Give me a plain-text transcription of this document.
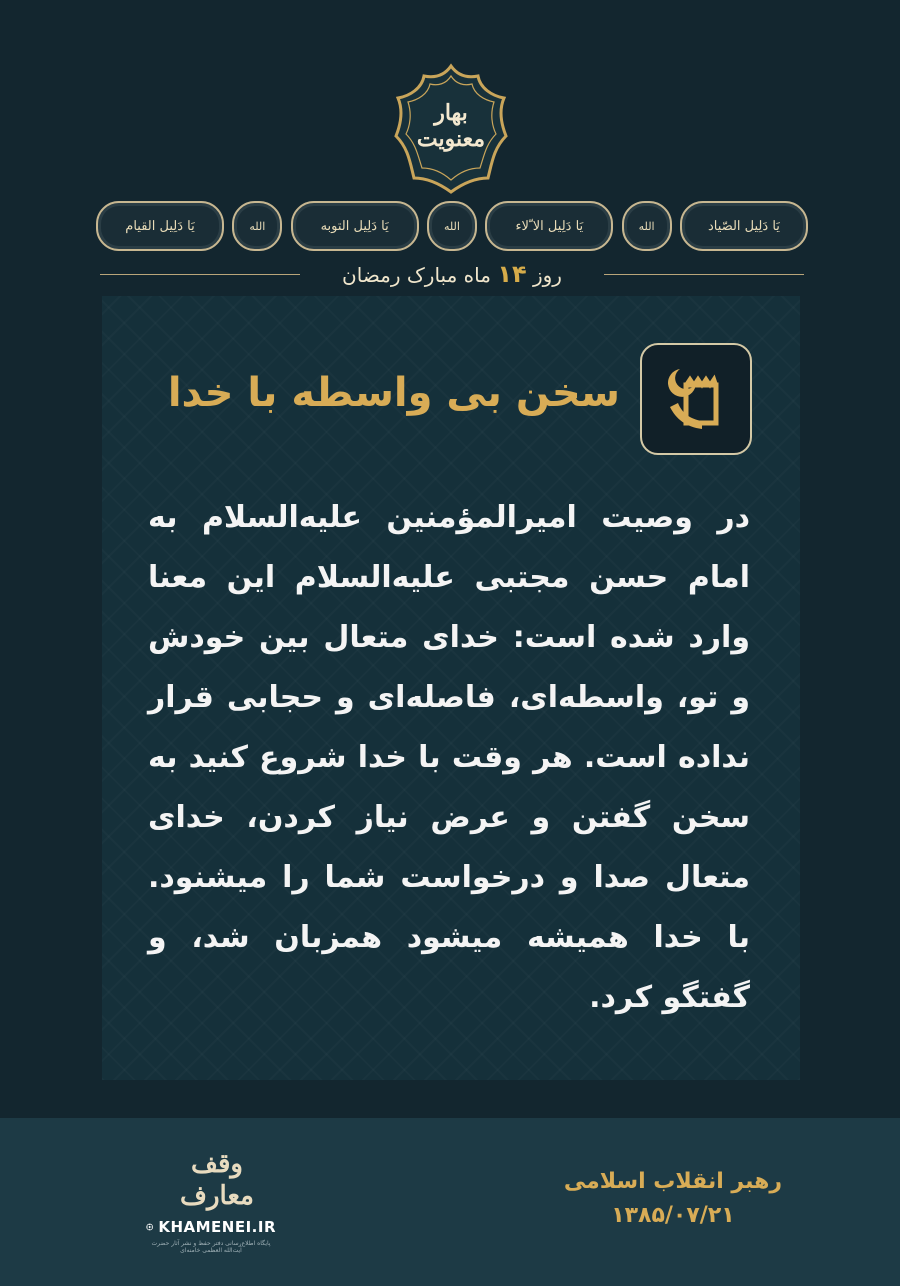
بهار
معنویت
یَا دَلِیل القیام	الله	یَا دَلِیل التوبه	الله	یَا دَلِیل الا ّلاء	الله	یَا دَلِیل الصّیاد
روز ۱۴ ماه مبارک رمضان
سخن بی واسطه با خدا
در وصیت امیرالمؤمنین علیه‌السلام به امام حسن مجتبی علیه‌السلام این معنا وارد شده است: خدای متعال بین خودش و تو، واسطه‌ای، فاصله‌ای و حجابی قرار نداده است. هر وقت با خدا شروع کنید به سخن گفتن و عرض نیاز کردن، خدای متعال صدا و درخواست شما را میشنود. با خدا همیشه میشود همزبان شد، و گفتگو کرد.
رهبر انقلاب اسلامی
۱۳۸۵/۰۷/۲۱
وقف معارف
KHAMENEI.IR
پایگاه اطلاع‌رسانی دفتر حفظ و نشر آثار حضرت آیت‌الله العظمی خامنه‌ای
